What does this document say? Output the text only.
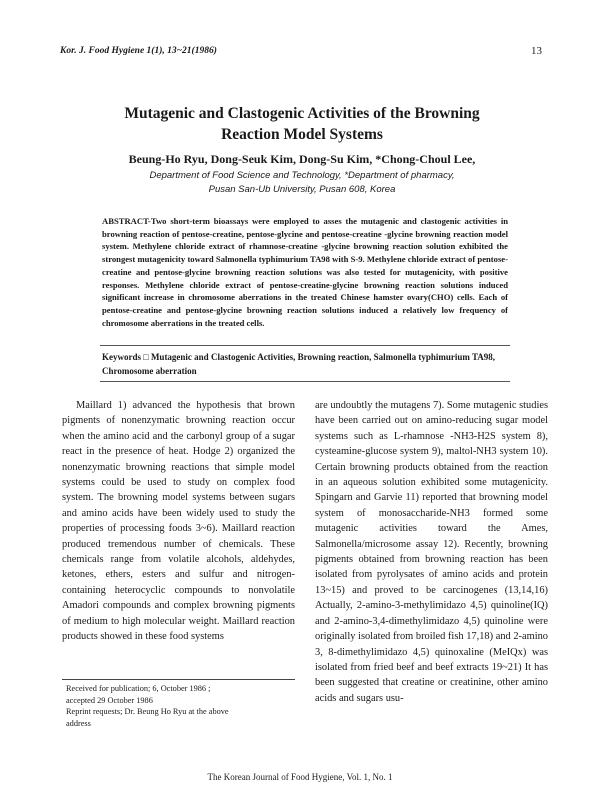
Kor. J. Food Hygiene 1(1), 13~21(1986)	13
Mutagenic and Clastogenic Activities of the Browning
Reaction Model Systems
Beung-Ho Ryu, Dong-Seuk Kim, Dong-Su Kim, *Chong-Choul Lee,
Department of Food Science and Technology, *Department of pharmacy,
Pusan San-Ub University, Pusan 608, Korea

ABSTRACT-Two short-term bioassays were employed to asses the mutagenic and clastogenic activities in browning reaction of pentose-creatine, pentose-glycine and pentose-creatine -glycine browning reaction model system. Methylene chloride extract of rhamnose-creatine -glycine browning reaction solution exhibited the strongest mutagenicity toward Salmonella typhimurium TA98 with S-9. Methylene chloride extract of pentose-creatine and pentose-glycine browning reaction solutions was also tested for mutagenicity, with positive responses. Methylene chloride extract of pentose-creatine-glycine browning reaction solutions induced significant increase in chromosome aberrations in the treated Chinese hamster ovary(CHO) cells. Each of pentose-creatine and pentose-glycine browning reaction solutions induced a relatively low frequency of chromosome aberrations in the treated cells.

Keywords □ Mutagenic and Clastogenic Activities, Browning reaction, Salmonella typhimurium TA98, Chromosome aberration

Maillard 1) advanced the hypothesis that brown pigments of nonenzymatic browning reaction occur when the amino acid and the carbonyl group of a sugar react in the presence of heat. Hodge 2) organized the nonenzymatic browning reactions that simple model systems could be used to study on complex food system. The browning model systems between sugars and amino acids have been widely used to study the properties of processing foods 3~6). Maillard reaction produced tremendous number of chemicals. These chemicals range from volatile alcohols, aldehydes, ketones, ethers, esters and sulfur and nitrogen-containing heterocyclic compounds to nonvolatile Amadori compounds and complex browning pigments of medium to high molecular weight. Maillard reaction products showed in these food systems

are undoubtly the mutagens 7). Some mutagenic studies have been carried out on amino-reducing sugar model systems such as L-rhamnose -NH3-H2S system 8), cysteamine-glucose system 9), maltol-NH3 system 10). Certain browning products obtained from the reaction in an aqueous solution exhibited some mutagenicity. Spingarn and Garvie 11) reported that browning model system of monosaccharide-NH3 formed some mutagenic activities toward the Ames, Salmonella/microsome assay 12). Recently, browning pigments obtained from browning reaction has been isolated from pyrolysates of amino acids and protein 13~15) and proved to be carcinogenes (13,14,16) Actually, 2-amino-3-methylimidazo 4,5) quinoline(IQ) and 2-amino-3,4-dimethylimidazo 4,5) quinoline were originally isolated from broiled fish 17,18) and 2-amino 3, 8-dimethylimidazo 4,5) quinoxaline (MeIQx) was isolated from fried beef and beef extracts 19~21) It has been suggested that creatine or creatinine, other amino acids and sugars usu-

Received for publication; 6, October 1986 ;
accepted 29 October 1986
Reprint requests; Dr. Beung Ho Ryu at the above
address
The Korean Journal of Food Hygiene, Vol. 1, No. 1
